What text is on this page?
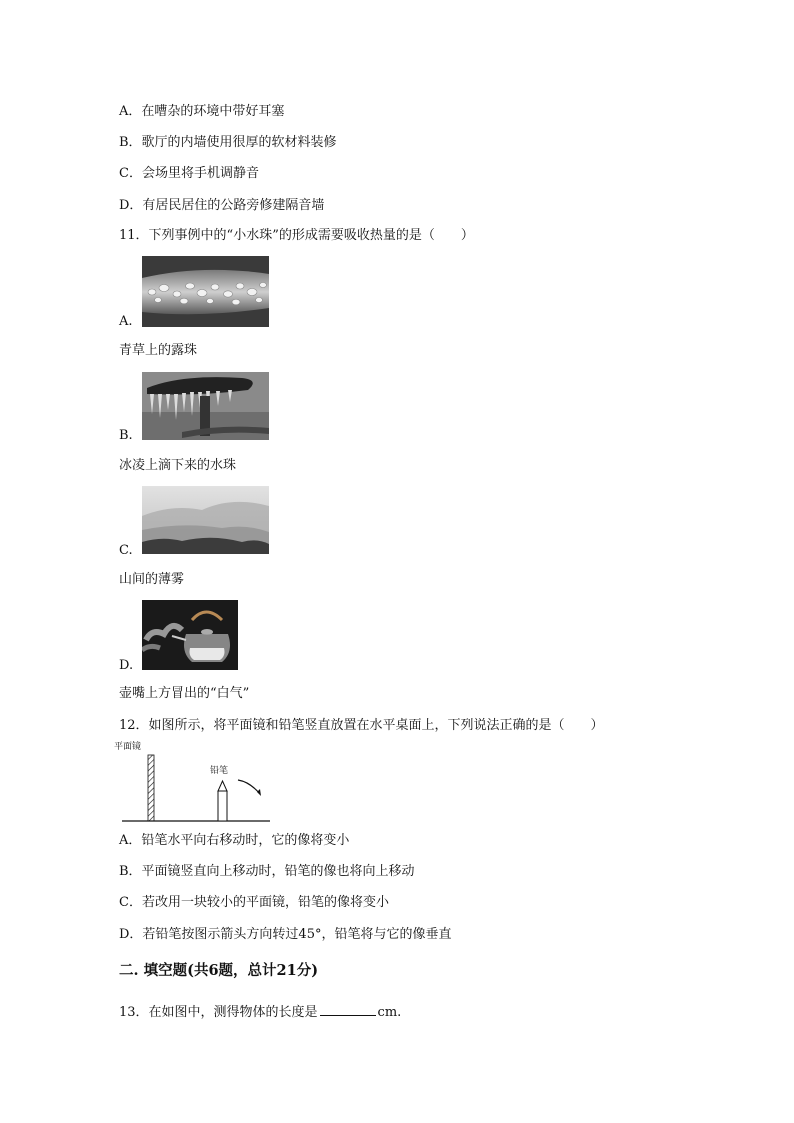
A．在嘈杂的环境中带好耳塞
B．歌厅的内墙使用很厚的软材料装修
C．会场里将手机调静音
D．有居民居住的公路旁修建隔音墙
11．下列事例中的“小水珠”的形成需要吸收热量的是（　　）
A.
青草上的露珠
B.
冰凌上滴下来的水珠
C.
山间的薄雾
D.
壶嘴上方冒出的“白气”
12．如图所示，将平面镜和铅笔竖直放置在水平桌面上，下列说法正确的是（　　）
平面镜
铅笔
A．铅笔水平向右移动时，它的像将变小
B．平面镜竖直向上移动时，铅笔的像也将向上移动
C．若改用一块较小的平面镜，铅笔的像将变小
D．若铅笔按图示箭头方向转过45°，铅笔将与它的像垂直
二. 填空题(共6题，总计21分)
13．在如图中，测得物体的长度是	cm.
